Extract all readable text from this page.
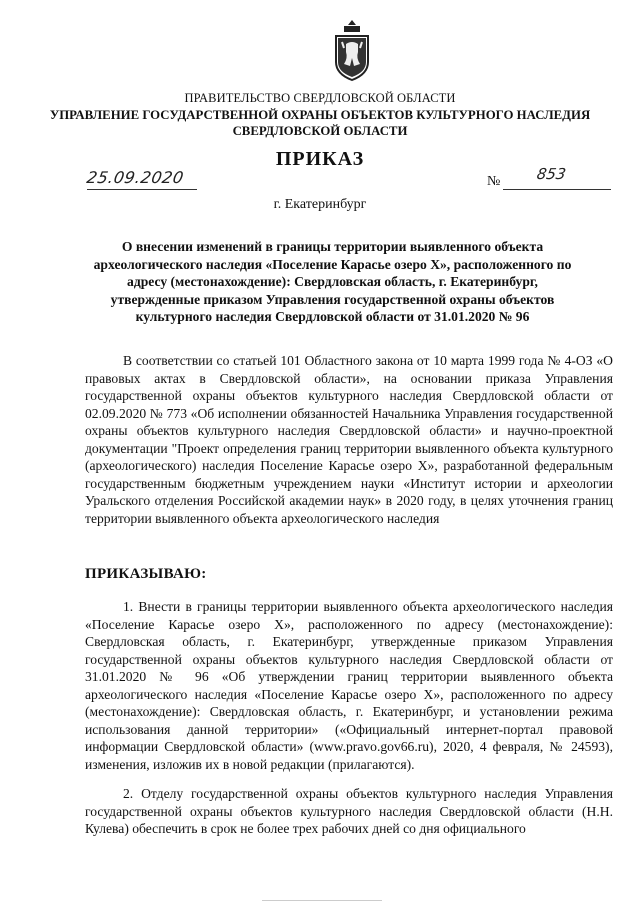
ПРАВИТЕЛЬСТВО СВЕРДЛОВСКОЙ ОБЛАСТИ
УПРАВЛЕНИЕ ГОСУДАРСТВЕННОЙ ОХРАНЫ ОБЪЕКТОВ КУЛЬТУРНОГО НАСЛЕДИЯ
СВЕРДЛОВСКОЙ ОБЛАСТИ
ПРИКАЗ
25.09.2020	№ 853
г. Екатеринбург
О внесении изменений в границы территории выявленного объекта археологического наследия «Поселение Карасье озеро Х», расположенного по адресу (местонахождение): Свердловская область, г. Екатеринбург, утвержденные приказом Управления государственной охраны объектов культурного наследия Свердловской области от 31.01.2020 № 96

В соответствии со статьей 101 Областного закона от 10 марта 1999 года № 4-ОЗ «О правовых актах в Свердловской области», на основании приказа Управления государственной охраны объектов культурного наследия Свердловской области от 02.09.2020 № 773 «Об исполнении обязанностей Начальника Управления государственной охраны объектов культурного наследия Свердловской области» и научно-проектной документации "Проект определения границ территории выявленного объекта культурного (археологического) наследия Поселение Карасье озеро Х», разработанной федеральным государственным бюджетным учреждением науки «Институт истории и археологии Уральского отделения Российской академии наук» в 2020 году, в целях уточнения границ территории выявленного объекта археологического наследия

ПРИКАЗЫВАЮ:

1. Внести в границы территории выявленного объекта археологического наследия «Поселение Карасье озеро Х», расположенного по адресу (местонахождение): Свердловская область, г. Екатеринбург, утвержденные приказом Управления государственной охраны объектов культурного наследия Свердловской области от 31.01.2020 № 96 «Об утверждении границ территории выявленного объекта археологического наследия «Поселение Карасье озеро Х», расположенного по адресу (местонахождение): Свердловская область, г. Екатеринбург, и установлении режима использования данной территории» («Официальный интернет-портал правовой информации Свердловской области» (www.pravo.gov66.ru), 2020, 4 февраля, № 24593), изменения, изложив их в новой редакции (прилагаются).

2. Отделу государственной охраны объектов культурного наследия Управления государственной охраны объектов культурного наследия Свердловской области (Н.Н. Кулева) обеспечить в срок не более трех рабочих дней со дня официального
